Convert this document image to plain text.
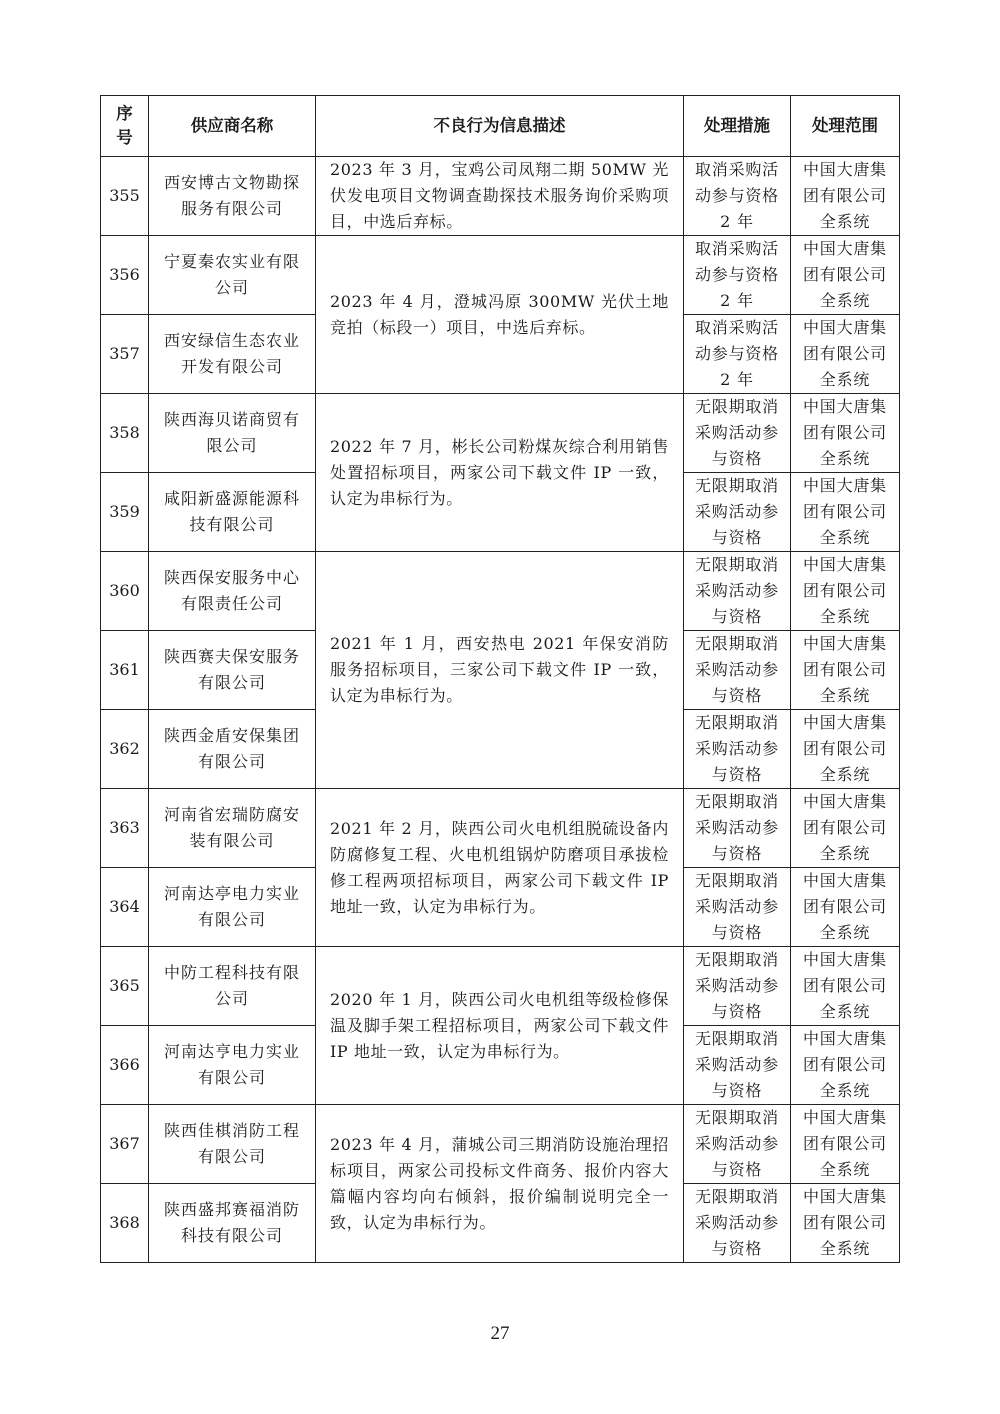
序号	供应商名称	不良行为信息描述	处理措施	处理范围
355	西安博古文物勘探服务有限公司	2023 年 3 月，宝鸡公司凤翔二期 50MW 光伏发电项目文物调查勘探技术服务询价采购项目，中选后弃标。	取消采购活动参与资格 2 年	中国大唐集团有限公司全系统
356	宁夏秦农实业有限公司	2023 年 4 月，澄城冯原 300MW 光伏土地竞拍（标段一）项目，中选后弃标。	取消采购活动参与资格 2 年	中国大唐集团有限公司全系统
357	西安绿信生态农业开发有限公司		取消采购活动参与资格 2 年	中国大唐集团有限公司全系统
358	陕西海贝诺商贸有限公司	2022 年 7 月，彬长公司粉煤灰综合利用销售处置招标项目，两家公司下载文件 IP 一致，认定为串标行为。	无限期取消采购活动参与资格	中国大唐集团有限公司全系统
359	咸阳新盛源能源科技有限公司		无限期取消采购活动参与资格	中国大唐集团有限公司全系统
360	陕西保安服务中心有限责任公司	2021 年 1 月，西安热电 2021 年保安消防服务招标项目，三家公司下载文件 IP 一致，认定为串标行为。	无限期取消采购活动参与资格	中国大唐集团有限公司全系统
361	陕西赛夫保安服务有限公司		无限期取消采购活动参与资格	中国大唐集团有限公司全系统
362	陕西金盾安保集团有限公司		无限期取消采购活动参与资格	中国大唐集团有限公司全系统
363	河南省宏瑞防腐安装有限公司	2021 年 2 月，陕西公司火电机组脱硫设备内防腐修复工程、火电机组锅炉防磨项目承拔检修工程两项招标项目，两家公司下载文件 IP 地址一致，认定为串标行为。	无限期取消采购活动参与资格	中国大唐集团有限公司全系统
364	河南达亭电力实业有限公司		无限期取消采购活动参与资格	中国大唐集团有限公司全系统
365	中防工程科技有限公司	2020 年 1 月，陕西公司火电机组等级检修保温及脚手架工程招标项目，两家公司下载文件 IP 地址一致，认定为串标行为。	无限期取消采购活动参与资格	中国大唐集团有限公司全系统
366	河南达亨电力实业有限公司		无限期取消采购活动参与资格	中国大唐集团有限公司全系统
367	陕西佳棋消防工程有限公司	2023 年 4 月，蒲城公司三期消防设施治理招标项目，两家公司投标文件商务、报价内容大篇幅内容均向右倾斜，报价编制说明完全一致，认定为串标行为。	无限期取消采购活动参与资格	中国大唐集团有限公司全系统
368	陕西盛邦赛福消防科技有限公司		无限期取消采购活动参与资格	中国大唐集团有限公司全系统
27
